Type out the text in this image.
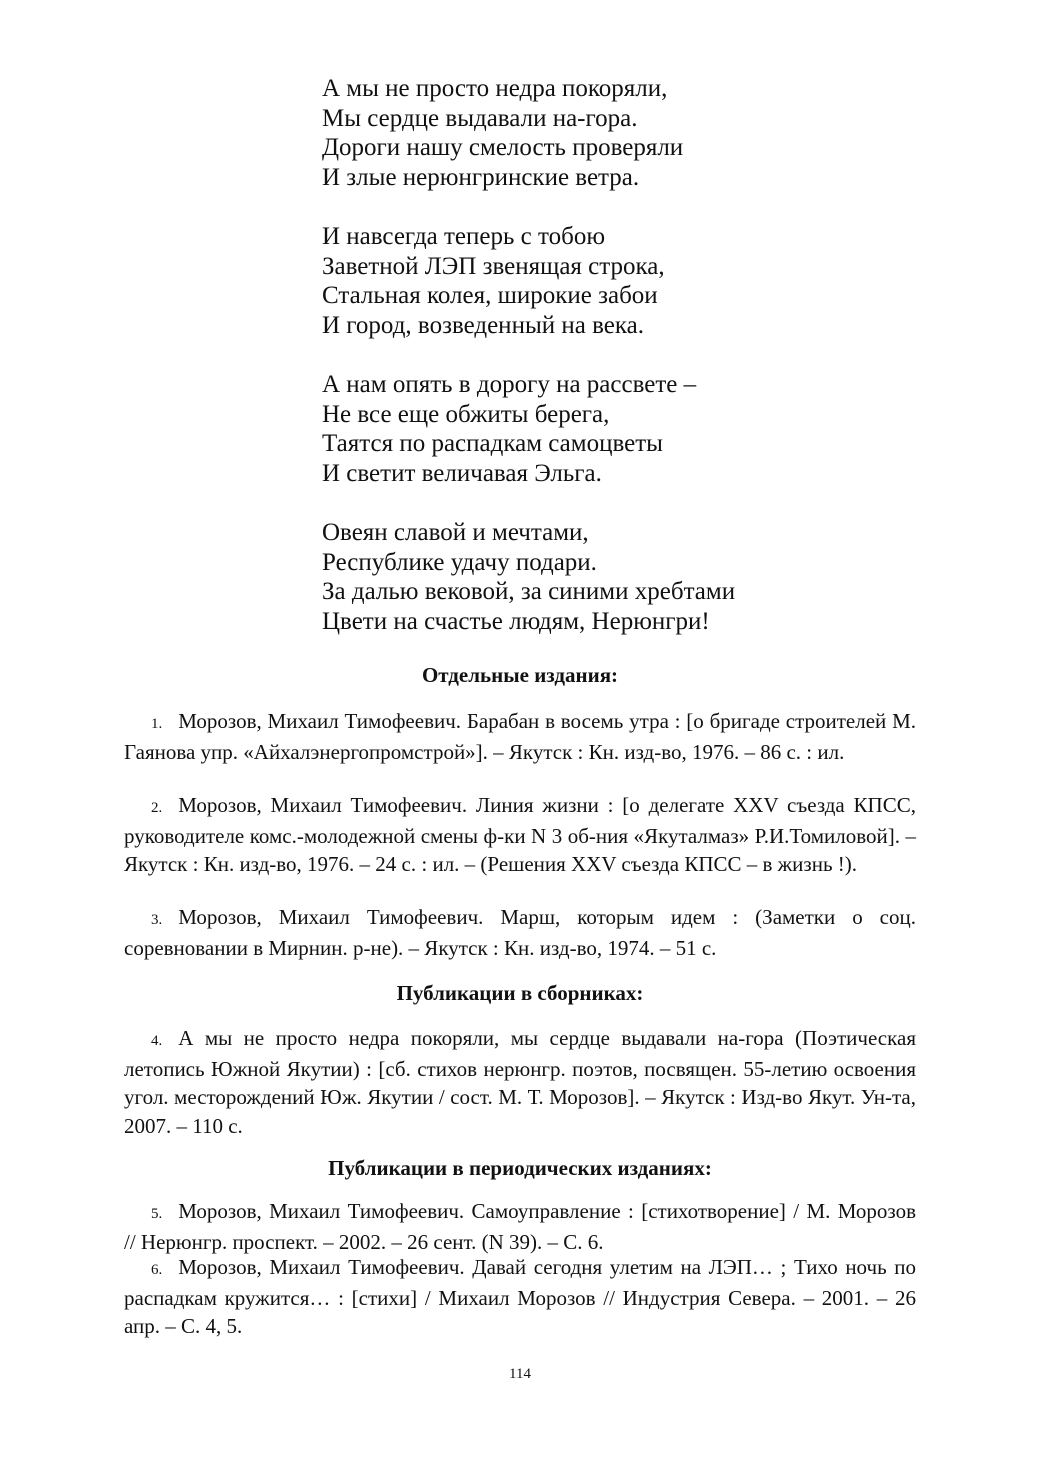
А мы не просто недра покоряли,
Мы сердце выдавали на-гора.
Дороги нашу смелость проверяли
И злые нерюнгринские ветра.
И навсегда теперь с тобою
Заветной ЛЭП звенящая строка,
Стальная колея, широкие забои
И город, возведенный на века.
А нам опять в дорогу на рассвете –
Не все еще обжиты берега,
Таятся по распадкам самоцветы
И светит величавая Эльга.
Овеян славой и мечтами,
Республике удачу подари.
За далью вековой, за синими хребтами
Цвети на счастье людям, Нерюнгри!
Отдельные издания:
1. Морозов, Михаил Тимофеевич. Барабан в восемь утра : [о бригаде строителей М. Гаянова упр. «Айхалэнергопромстрой»]. – Якутск : Кн. изд-во, 1976. – 86 с. : ил.
2. Морозов, Михаил Тимофеевич. Линия жизни : [о делегате XXV съезда КПСС, руководителе комс.-молодежной смены ф-ки N 3 об-ния «Якуталмаз» Р.И.Томиловой]. – Якутск : Кн. изд-во, 1976. – 24 с. : ил. – (Решения XXV съезда КПСС – в жизнь !).
3. Морозов, Михаил Тимофеевич. Марш, которым идем : (Заметки о соц. соревновании в Мирнин. р-не). – Якутск : Кн. изд-во, 1974. – 51 с.
Публикации в сборниках:
4. А мы не просто недра покоряли, мы сердце выдавали на-гора (Поэтическая летопись Южной Якутии) : [сб. стихов нерюнгр. поэтов, посвящен. 55-летию освоения угол. месторождений Юж. Якутии / сост. М. Т. Морозов]. – Якутск : Изд-во Якут. Ун-та, 2007. – 110 с.
Публикации в периодических изданиях:
5. Морозов, Михаил Тимофеевич. Самоуправление : [стихотворение] / М. Морозов // Нерюнгр. проспект. – 2002. – 26 сент. (N 39). – С. 6.
6. Морозов, Михаил Тимофеевич. Давай сегодня улетим на ЛЭП… ; Тихо ночь по распадкам кружится… : [стихи] / Михаил Морозов // Индустрия Севера. – 2001. – 26 апр. – С. 4, 5.
114
